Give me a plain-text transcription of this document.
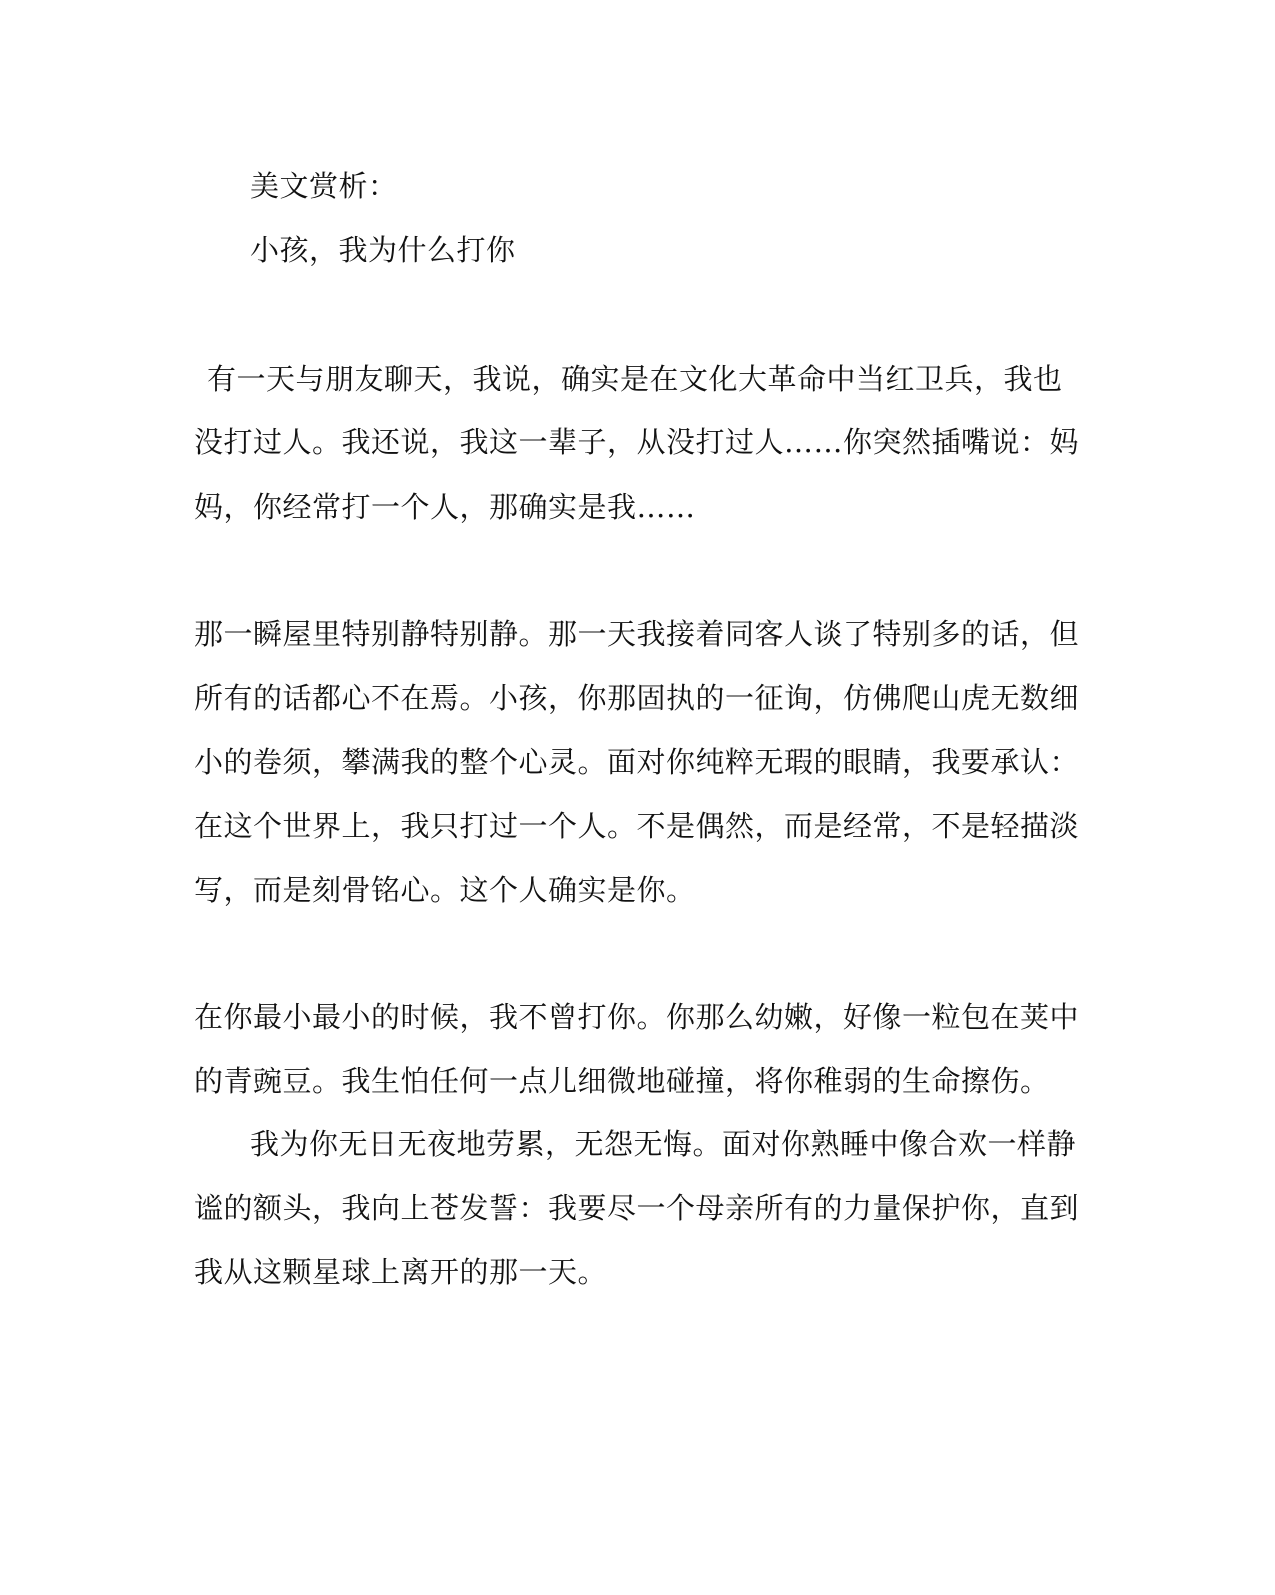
美文赏析：
小孩，我为什么打你
有一天与朋友聊天，我说，确实是在文化大革命中当红卫兵，我也
没打过人。我还说，我这一辈子，从没打过人……你突然插嘴说：妈
妈，你经常打一个人，那确实是我……
那一瞬屋里特别静特别静。那一天我接着同客人谈了特别多的话，但
所有的话都心不在焉。小孩，你那固执的一征询，仿佛爬山虎无数细
小的卷须，攀满我的整个心灵。面对你纯粹无瑕的眼睛，我要承认：
在这个世界上，我只打过一个人。不是偶然，而是经常，不是轻描淡
写，而是刻骨铭心。这个人确实是你。
在你最小最小的时候，我不曾打你。你那么幼嫩，好像一粒包在荚中
的青豌豆。我生怕任何一点儿细微地碰撞，将你稚弱的生命擦伤。
我为你无日无夜地劳累，无怨无悔。面对你熟睡中像合欢一样静
谧的额头，我向上苍发誓：我要尽一个母亲所有的力量保护你，直到
我从这颗星球上离开的那一天。
